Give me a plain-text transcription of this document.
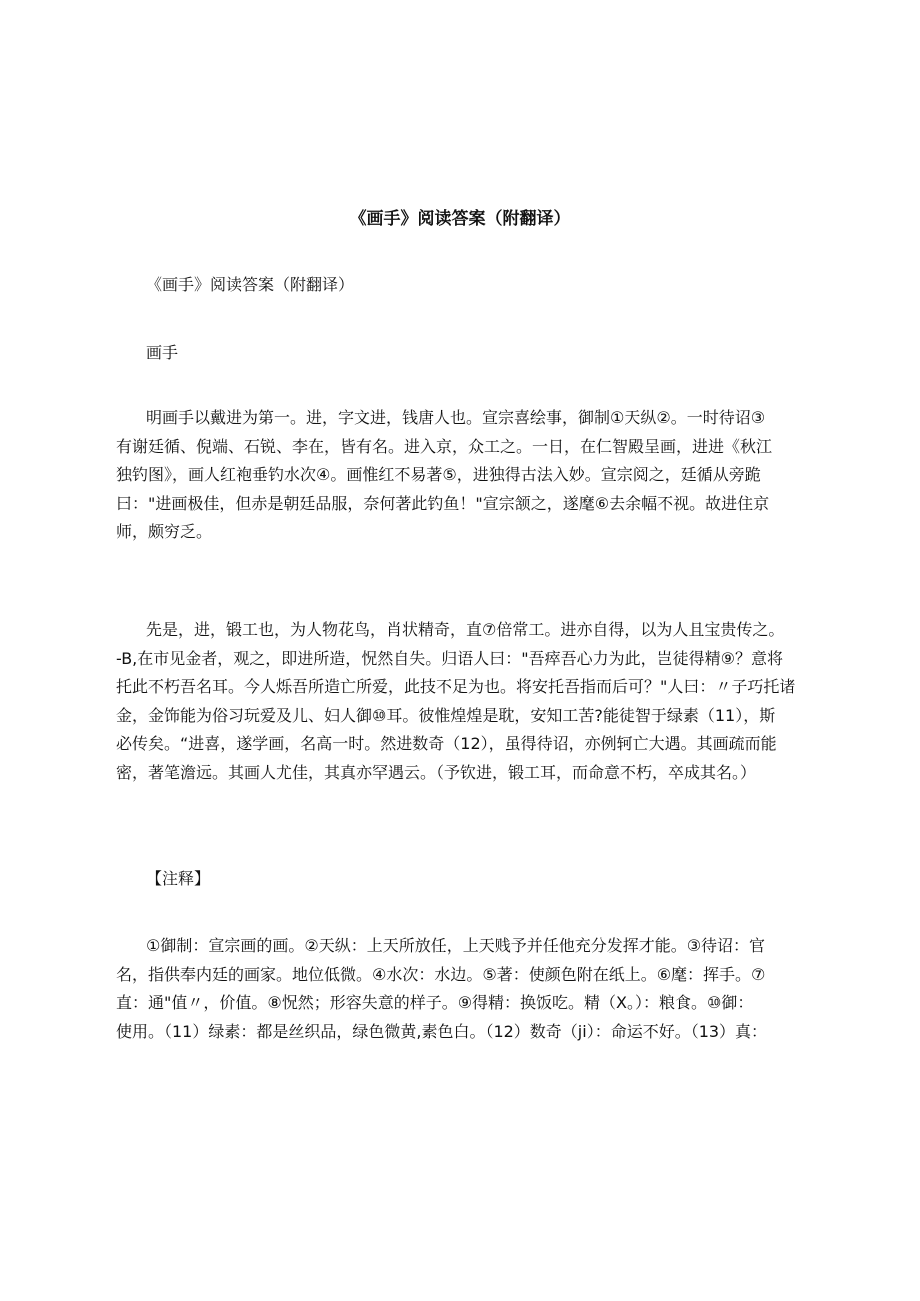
《画手》阅读答案（附翻译）
《画手》阅读答案（附翻译）
画手
明画手以戴进为第一。进，字文进，钱唐人也。宣宗喜绘事，御制①天纵②。一时待诏③
有谢廷循、倪端、石锐、李在，皆有名。进入京，众工之。一日，在仁智殿呈画，进进《秋江
独钓图》，画人红袍垂钓水次④。画惟红不易著⑤，进独得古法入妙。宣宗阅之，廷循从旁跪
曰："进画极佳，但赤是朝廷品服，奈何著此钓鱼！"宣宗颔之，遂麾⑥去余幅不视。故进住京
师，颇穷乏。
先是，进，锻工也，为人物花鸟，肖状精奇，直⑦倍常工。进亦自得，以为人且宝贵传之。
-B,在市见金者，观之，即进所造，怳然自失。归语人曰："吾瘁吾心力为此，岂徒得精⑨？意将
托此不朽吾名耳。今人烁吾所造亡所爱，此技不足为也。将安托吾指而后可？"人曰：〃子巧托诸
金，金饰能为俗习玩爱及儿、妇人御⑩耳。彼惟煌煌是耽，安知工苦?能徒智于绿素（11），斯
必传矣。“进喜，遂学画，名高一时。然进数奇（12），虽得待诏，亦例轲亡大遇。其画疏而能
密，著笔澹远。其画人尤佳，其真亦罕遇云。（予钦进，锻工耳，而命意不朽，卒成其名。）
【注释】
①御制：宣宗画的画。②天纵：上天所放任，上天贱予并任他充分发挥才能。③待诏：官
名，指供奉内廷的画家。地位低微。④水次：水边。⑤著：使颜色附在纸上。⑥麾：挥手。⑦
直：通"值〃，价值。⑧怳然；形容失意的样子。⑨得精：换饭吃。精（X。）：粮食。⑩御：
使用。（11）绿素：都是丝织品，绿色微黄,素色白。（12）数奇（ji）：命运不好。（13）真：
